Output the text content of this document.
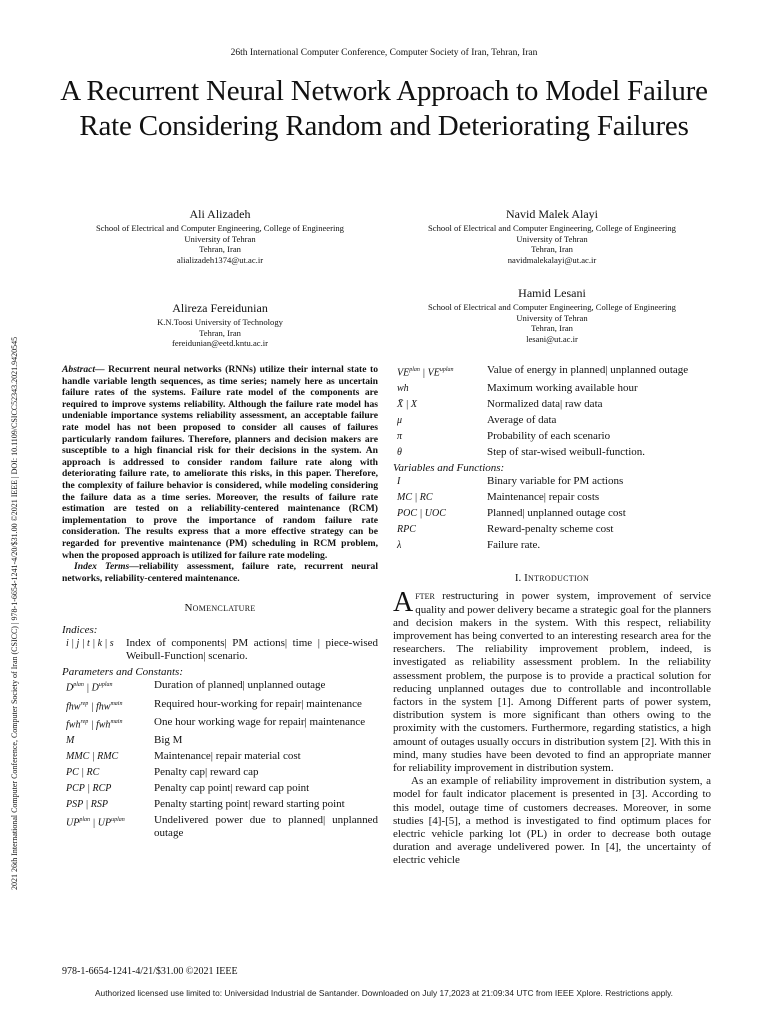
26th International Computer Conference, Computer Society of Iran, Tehran, Iran
A Recurrent Neural Network Approach to Model Failure Rate Considering Random and Deteriorating Failures
2021 26th International Computer Conference, Computer Society of Iran (CSICC) | 978-1-6654-1241-4/20/$31.00 ©2021 IEEE | DOI: 10.1109/CSICC52343.2021.9420545
Ali Alizadeh
School of Electrical and Computer Engineering, College of Engineering
University of Tehran
Tehran, Iran
alializadeh1374@ut.ac.ir
Navid Malek Alayi
School of Electrical and Computer Engineering, College of Engineering
University of Tehran
Tehran, Iran
navidmalekalayi@ut.ac.ir
Alireza Fereidunian
K.N.Toosi University of Technology
Tehran, Iran
fereidunian@eetd.kntu.ac.ir
Hamid Lesani
School of Electrical and Computer Engineering, College of Engineering
University of Tehran
Tehran, Iran
lesani@ut.ac.ir

Abstract— Recurrent neural networks (RNNs) utilize their internal state to handle variable length sequences, as time series; namely here as uncertain failure rates of the systems. Failure rate model of the components are required to improve systems reliability. Although the failure rate model has undeniable importance systems reliability assessment, an acceptable failure rate model has not been proposed to consider all causes of failures particularly random failures. Therefore, planners and decision makers are susceptible to a high financial risk for their decisions in the system. An approach is addressed to consider random failure rate along with deteriorating failure rate, to ameliorate this risks, in this paper. Therefore, the complexity of failure behavior is considered, while modeling considering the failure data as a time series. Moreover, the results of failure rate estimation are tested on a reliability-centered maintenance (RCM) implementation to prove the importance of random failure rate consideration. The results express that a more effective strategy can be regarded for preventive maintenance (PM) scheduling in RCM problem, when the proposed approach is utilized for failure rate modeling.

Index Terms—reliability assessment, failure rate, recurrent neural networks, reliability-centered maintenance.

Nomenclature
Indices:
i | j | t | k | s	Index of components| PM actions| time | piece-wised Weibull-Function| scenario.
Parameters and Constants:
$D^{plan}$ | $D^{uplan}$	Duration of planned| unplanned outage
fhw$^{rep}$ | fhw$^{main}$	Required hour-working for repair| maintenance
fwh$^{rep}$ | fwh$^{main}$	One hour working wage for repair| maintenance
M	Big M
MMC | RMC	Maintenance| repair material cost
PC | RC	Penalty cap| reward cap
PCP | RCP	Penalty cap point| reward cap point
PSP | RSP	Penalty starting point| reward starting point
$UP^{plan}$ | $UP^{uplan}$	Undelivered power due to planned| unplanned outage
$VE^{plan}$ | $VE^{uplan}$	Value of energy in planned| unplanned outage
wh	Maximum working available hour
X̄ | X	Normalized data| raw data
μ	Average of data
π	Probability of each scenario
θ	Step of star-wised weibull-function.
Variables and Functions:
I	Binary variable for PM actions
MC | RC	Maintenance| repair costs
POC | UOC	Planned| unplanned outage cost
RPC	Reward-penalty scheme cost
λ	Failure rate.
I. Introduction

After restructuring in power system, improvement of service quality and power delivery became a strategic goal for the planners and decision makers in the system. With this respect, reliability improvement has being converted to an interesting research area for the researchers. The reliability improvement problem, indeed, is investigated as reliability assessment problem. In the reliability assessment problem, the purpose is to provide a practical solution for reducing unplanned outages due to controllable and incontrollable factors in the system [1]. Among Different parts of power system, distribution system is more significant than others owing to the proximity with the customers. Furthermore, regarding statistics, a high amount of outages usually occurs in distribution system [2]. With this in mind, many studies have been devoted to find an appropriate manner for reliability improvement in distribution system.

As an example of reliability improvement in distribution system, a model for fault indicator placement is presented in [3]. According to this model, outage time of customers decreases. Moreover, in some studies [4]-[5], a method is investigated to find optimum places for electric vehicle parking lot (PL) in order to decrease both outage duration and average undelivered power. In [4], the uncertainty of electric vehicle

978-1-6654-1241-4/21/$31.00 ©2021 IEEE
Authorized licensed use limited to: Universidad Industrial de Santander. Downloaded on July 17,2023 at 21:09:34 UTC from IEEE Xplore. Restrictions apply.
